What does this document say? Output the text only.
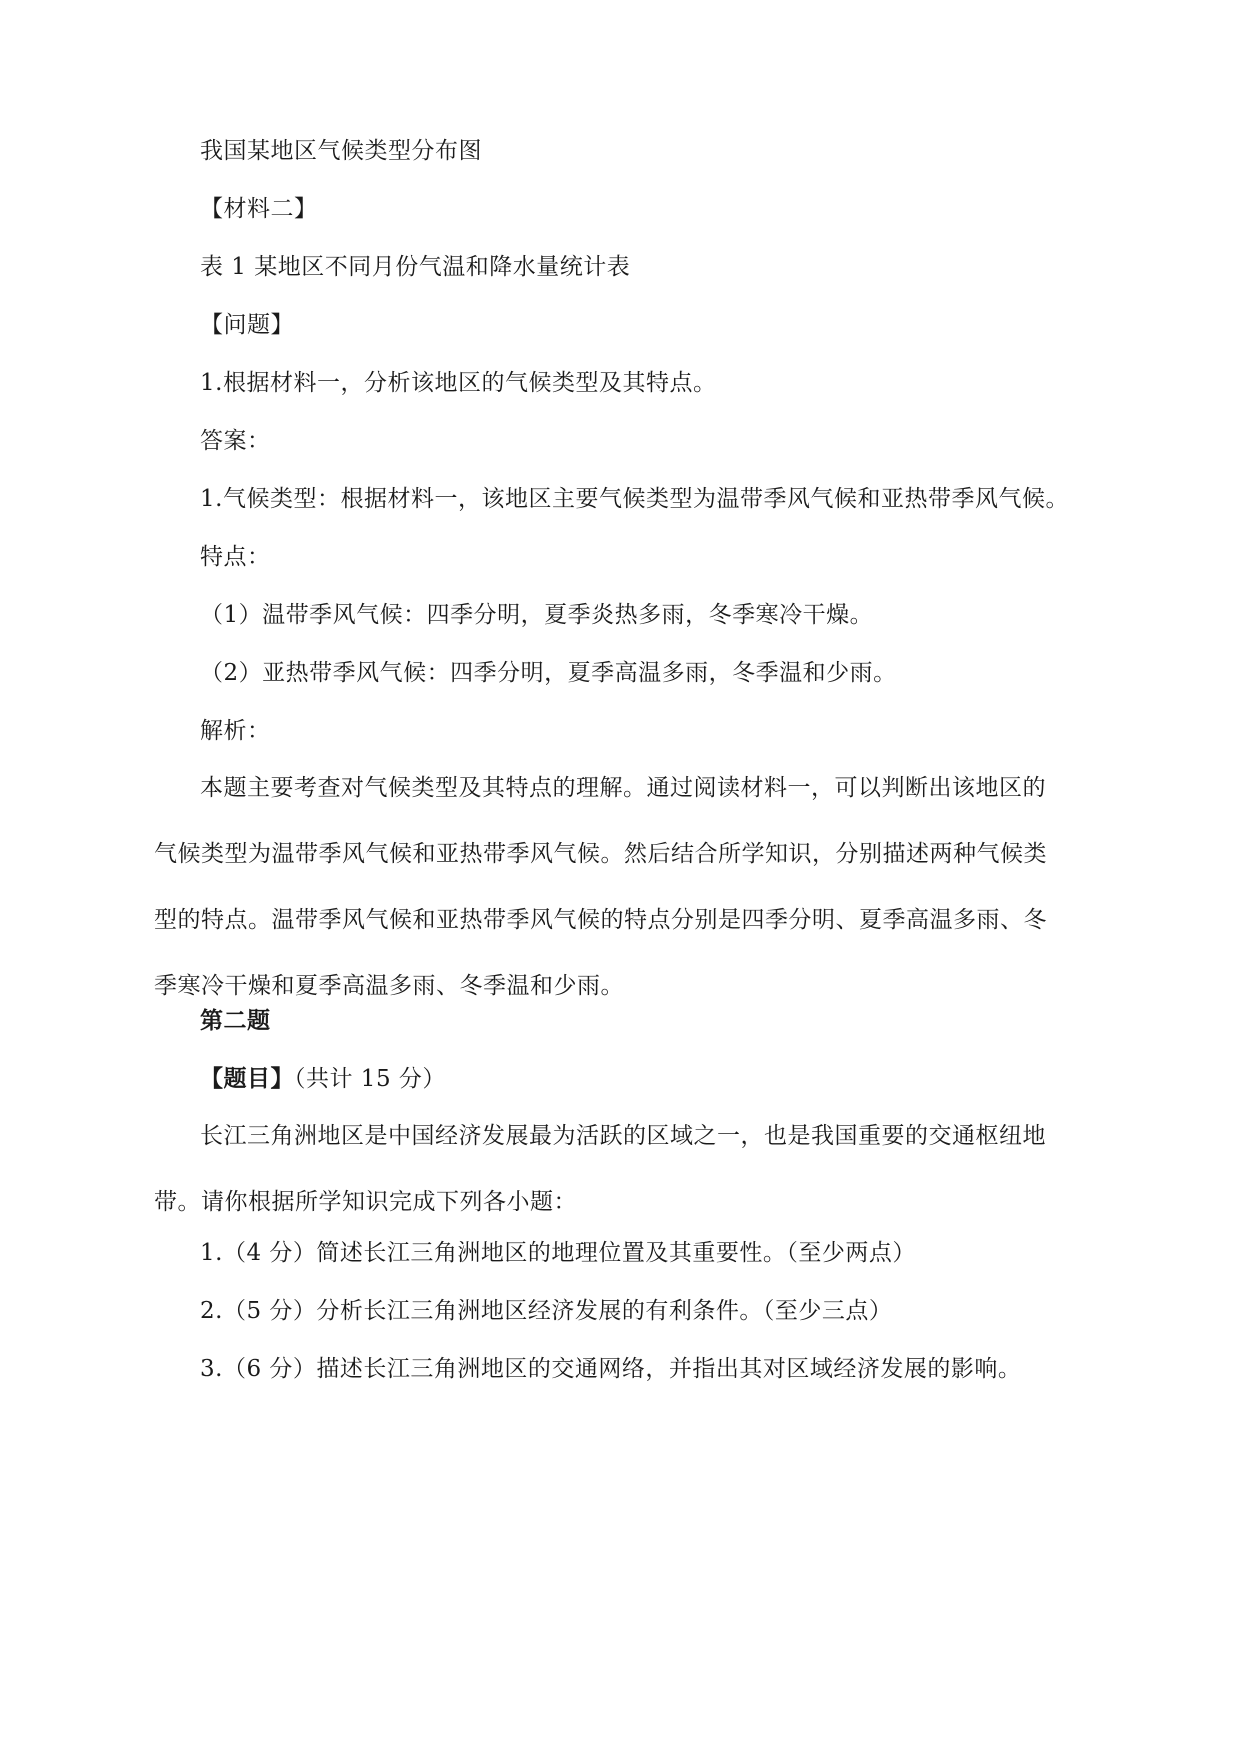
我国某地区气候类型分布图
【材料二】
表 1 某地区不同月份气温和降水量统计表
【问题】
1.根据材料一，分析该地区的气候类型及其特点。
答案：
1.气候类型：根据材料一，该地区主要气候类型为温带季风气候和亚热带季风气候。
特点：
（1）温带季风气候：四季分明，夏季炎热多雨，冬季寒冷干燥。
（2）亚热带季风气候：四季分明，夏季高温多雨，冬季温和少雨。
解析：
本题主要考查对气候类型及其特点的理解。通过阅读材料一，可以判断出该地区的
气候类型为温带季风气候和亚热带季风气候。然后结合所学知识，分别描述两种气候类
型的特点。温带季风气候和亚热带季风气候的特点分别是四季分明、夏季高温多雨、冬
季寒冷干燥和夏季高温多雨、冬季温和少雨。
第二题
【题目】（共计 15 分）
长江三角洲地区是中国经济发展最为活跃的区域之一，也是我国重要的交通枢纽地
带。请你根据所学知识完成下列各小题：
1.（4 分）简述长江三角洲地区的地理位置及其重要性。（至少两点）
2.（5 分）分析长江三角洲地区经济发展的有利条件。（至少三点）
3.（6 分）描述长江三角洲地区的交通网络，并指出其对区域经济发展的影响。
